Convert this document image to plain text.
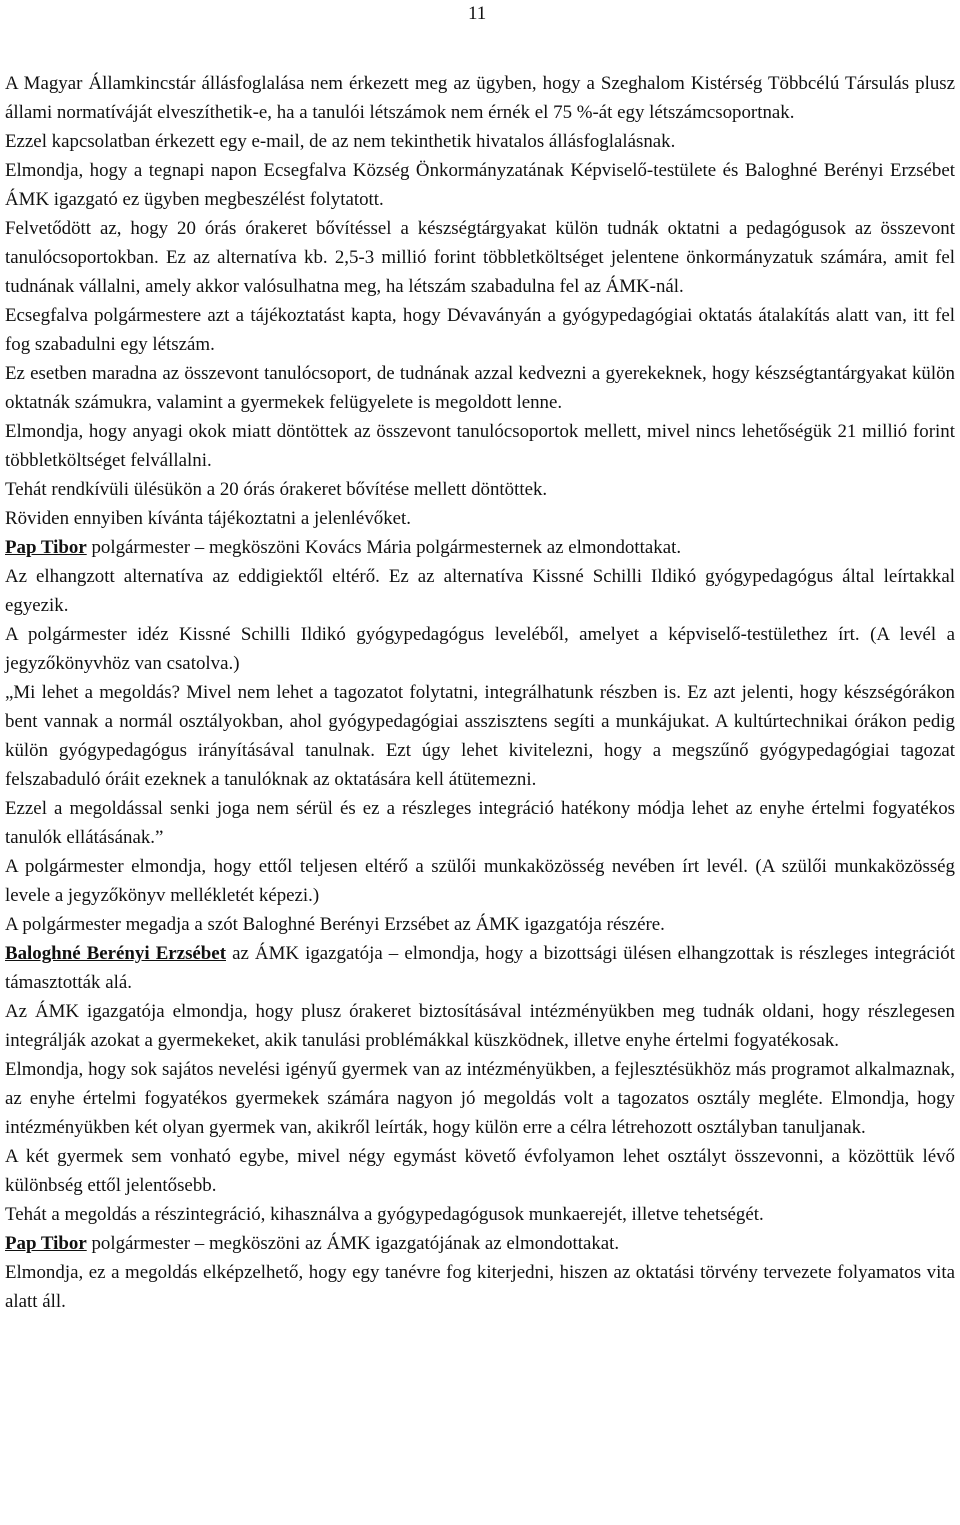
11

A Magyar Államkincstár állásfoglalása nem érkezett meg az ügyben, hogy a Szeghalom Kistérség Többcélú Társulás plusz állami normatíváját elveszíthetik-e, ha a tanulói létszámok nem érnék el 75 %-át egy létszámcsoportnak.

Ezzel kapcsolatban érkezett egy e-mail, de az nem tekinthetik hivatalos állásfoglalásnak.

Elmondja, hogy a tegnapi napon Ecsegfalva Község Önkormányzatának Képviselő-testülete és Baloghné Berényi Erzsébet ÁMK igazgató ez ügyben megbeszélést folytatott.

Felvetődött az, hogy 20 órás órakeret bővítéssel a készségtárgyakat külön tudnák oktatni a pedagógusok az összevont tanulócsoportokban. Ez az alternatíva kb. 2,5-3 millió forint többletköltséget jelentene önkormányzatuk számára, amit fel tudnának vállalni, amely akkor valósulhatna meg, ha létszám szabadulna fel az ÁMK-nál.

Ecsegfalva polgármestere azt a tájékoztatást kapta, hogy Dévaványán a gyógypedagógiai oktatás átalakítás alatt van, itt fel fog szabadulni egy létszám.

Ez esetben maradna az összevont tanulócsoport, de tudnának azzal kedvezni a gyerekeknek, hogy készségtantárgyakat külön oktatnák számukra, valamint a gyermekek felügyelete is megoldott lenne.

Elmondja, hogy anyagi okok miatt döntöttek az összevont tanulócsoportok mellett, mivel nincs lehetőségük 21 millió forint többletköltséget felvállalni.

Tehát rendkívüli ülésükön a 20 órás órakeret bővítése mellett döntöttek.

Röviden ennyiben kívánta tájékoztatni a jelenlévőket.

Pap Tibor polgármester – megköszöni Kovács Mária polgármesternek az elmondottakat.

Az elhangzott alternatíva az eddigiektől eltérő. Ez az alternatíva Kissné Schilli Ildikó gyógypedagógus által leírtakkal egyezik.

A polgármester idéz Kissné Schilli Ildikó gyógypedagógus leveléből, amelyet a képviselő-testülethez írt. (A levél a jegyzőkönyvhöz van csatolva.)

„Mi lehet a megoldás? Mivel nem lehet a tagozatot folytatni, integrálhatunk részben is. Ez azt jelenti, hogy készségórákon bent vannak a normál osztályokban, ahol gyógypedagógiai asszisztens segíti a munkájukat. A kultúrtechnikai órákon pedig külön gyógypedagógus irányításával tanulnak. Ezt úgy lehet kivitelezni, hogy a megszűnő gyógypedagógiai tagozat felszabaduló óráit ezeknek a tanulóknak az oktatására kell átütemezni.

Ezzel a megoldással senki joga nem sérül és ez a részleges integráció hatékony módja lehet az enyhe értelmi fogyatékos tanulók ellátásának.”

A polgármester elmondja, hogy ettől teljesen eltérő a szülői munkaközösség nevében írt levél. (A szülői munkaközösség levele a jegyzőkönyv mellékletét képezi.)

A polgármester megadja a szót Baloghné Berényi Erzsébet az ÁMK igazgatója részére.

Baloghné Berényi Erzsébet az ÁMK igazgatója – elmondja, hogy a bizottsági ülésen elhangzottak is részleges integrációt támasztották alá.

Az ÁMK igazgatója elmondja, hogy plusz órakeret biztosításával intézményükben meg tudnák oldani, hogy részlegesen integrálják azokat a gyermekeket, akik tanulási problémákkal küszködnek, illetve enyhe értelmi fogyatékosak.

Elmondja, hogy sok sajátos nevelési igényű gyermek van az intézményükben, a fejlesztésükhöz más programot alkalmaznak, az enyhe értelmi fogyatékos gyermekek számára nagyon jó megoldás volt a tagozatos osztály megléte. Elmondja, hogy intézményükben két olyan gyermek van, akikről leírták, hogy külön erre a célra létrehozott osztályban tanuljanak.

A két gyermek sem vonható egybe, mivel négy egymást követő évfolyamon lehet osztályt összevonni, a közöttük lévő különbség ettől jelentősebb.

Tehát a megoldás a részintegráció, kihasználva a gyógypedagógusok munkaerejét, illetve tehetségét.

Pap Tibor polgármester – megköszöni az ÁMK igazgatójának az elmondottakat.

Elmondja, ez a megoldás elképzelhető, hogy egy tanévre fog kiterjedni, hiszen az oktatási törvény tervezete folyamatos vita alatt áll.
